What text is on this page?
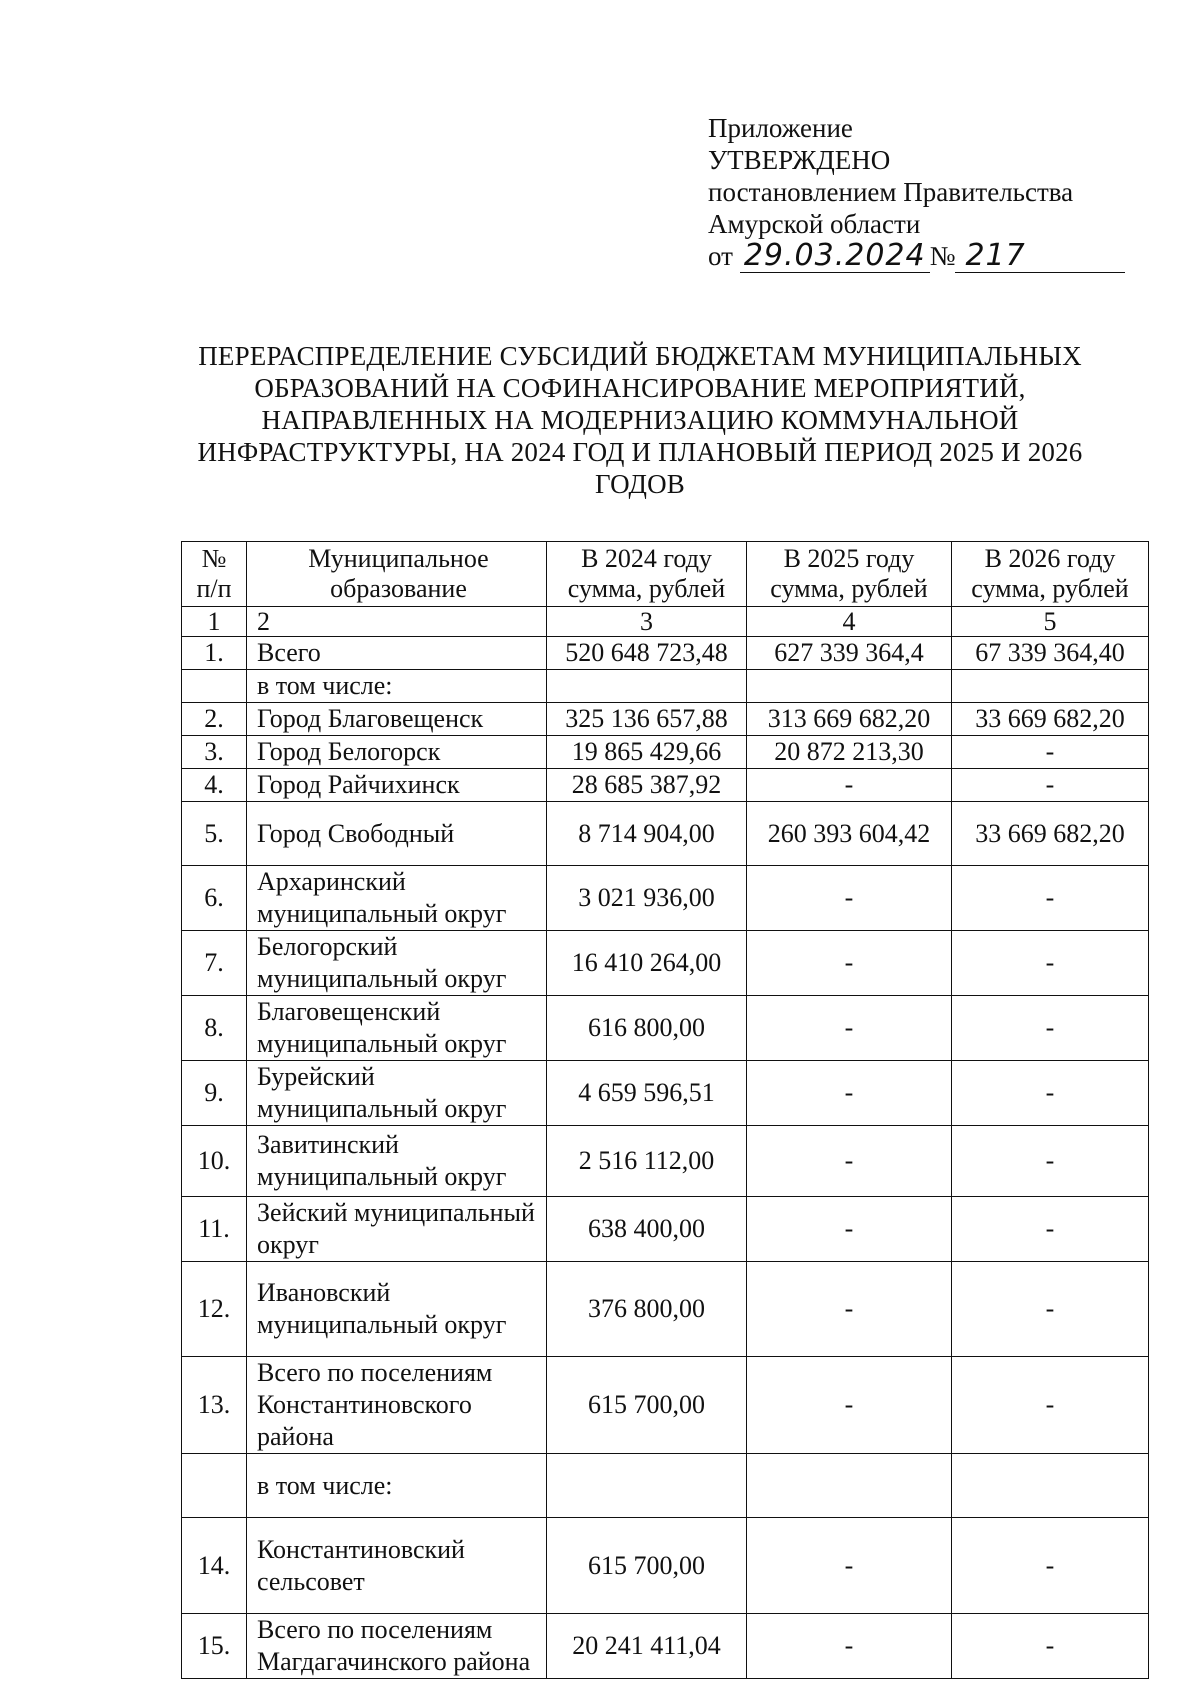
Приложение
УТВЕРЖДЕНО
постановлением Правительства
Амурской области
от 29.03.2024 № 217
ПЕРЕРАСПРЕДЕЛЕНИЕ СУБСИДИЙ БЮДЖЕТАМ МУНИЦИПАЛЬНЫХ ОБРАЗОВАНИЙ НА СОФИНАНСИРОВАНИЕ МЕРОПРИЯТИЙ, НАПРАВЛЕННЫХ НА МОДЕРНИЗАЦИЮ КОММУНАЛЬНОЙ ИНФРАСТРУКТУРЫ, НА 2024 ГОД И ПЛАНОВЫЙ ПЕРИОД 2025 И 2026 ГОДОВ
№ п/п	Муниципальное образование	В 2024 году сумма, рублей	В 2025 году сумма, рублей	В 2026 году сумма, рублей
1	2	3	4	5
1.	Всего	520 648 723,48	627 339 364,4	67 339 364,40
	в том числе:			
2.	Город Благовещенск	325 136 657,88	313 669 682,20	33 669 682,20
3.	Город Белогорск	19 865 429,66	20 872 213,30	-
4.	Город Райчихинск	28 685 387,92	-	-
5.	Город Свободный	8 714 904,00	260 393 604,42	33 669 682,20
6.	Архаринский муниципальный округ	3 021 936,00	-	-
7.	Белогорский муниципальный округ	16 410 264,00	-	-
8.	Благовещенский муниципальный округ	616 800,00	-	-
9.	Бурейский муниципальный округ	4 659 596,51	-	-
10.	Завитинский муниципальный округ	2 516 112,00	-	-
11.	Зейский муниципальный округ	638 400,00	-	-
12.	Ивановский муниципальный округ	376 800,00	-	-
13.	Всего по поселениям Константиновского района	615 700,00	-	-
	в том числе:			
14.	Константиновский сельсовет	615 700,00	-	-
15.	Всего по поселениям Магдагачинского района	20 241 411,04	-	-
